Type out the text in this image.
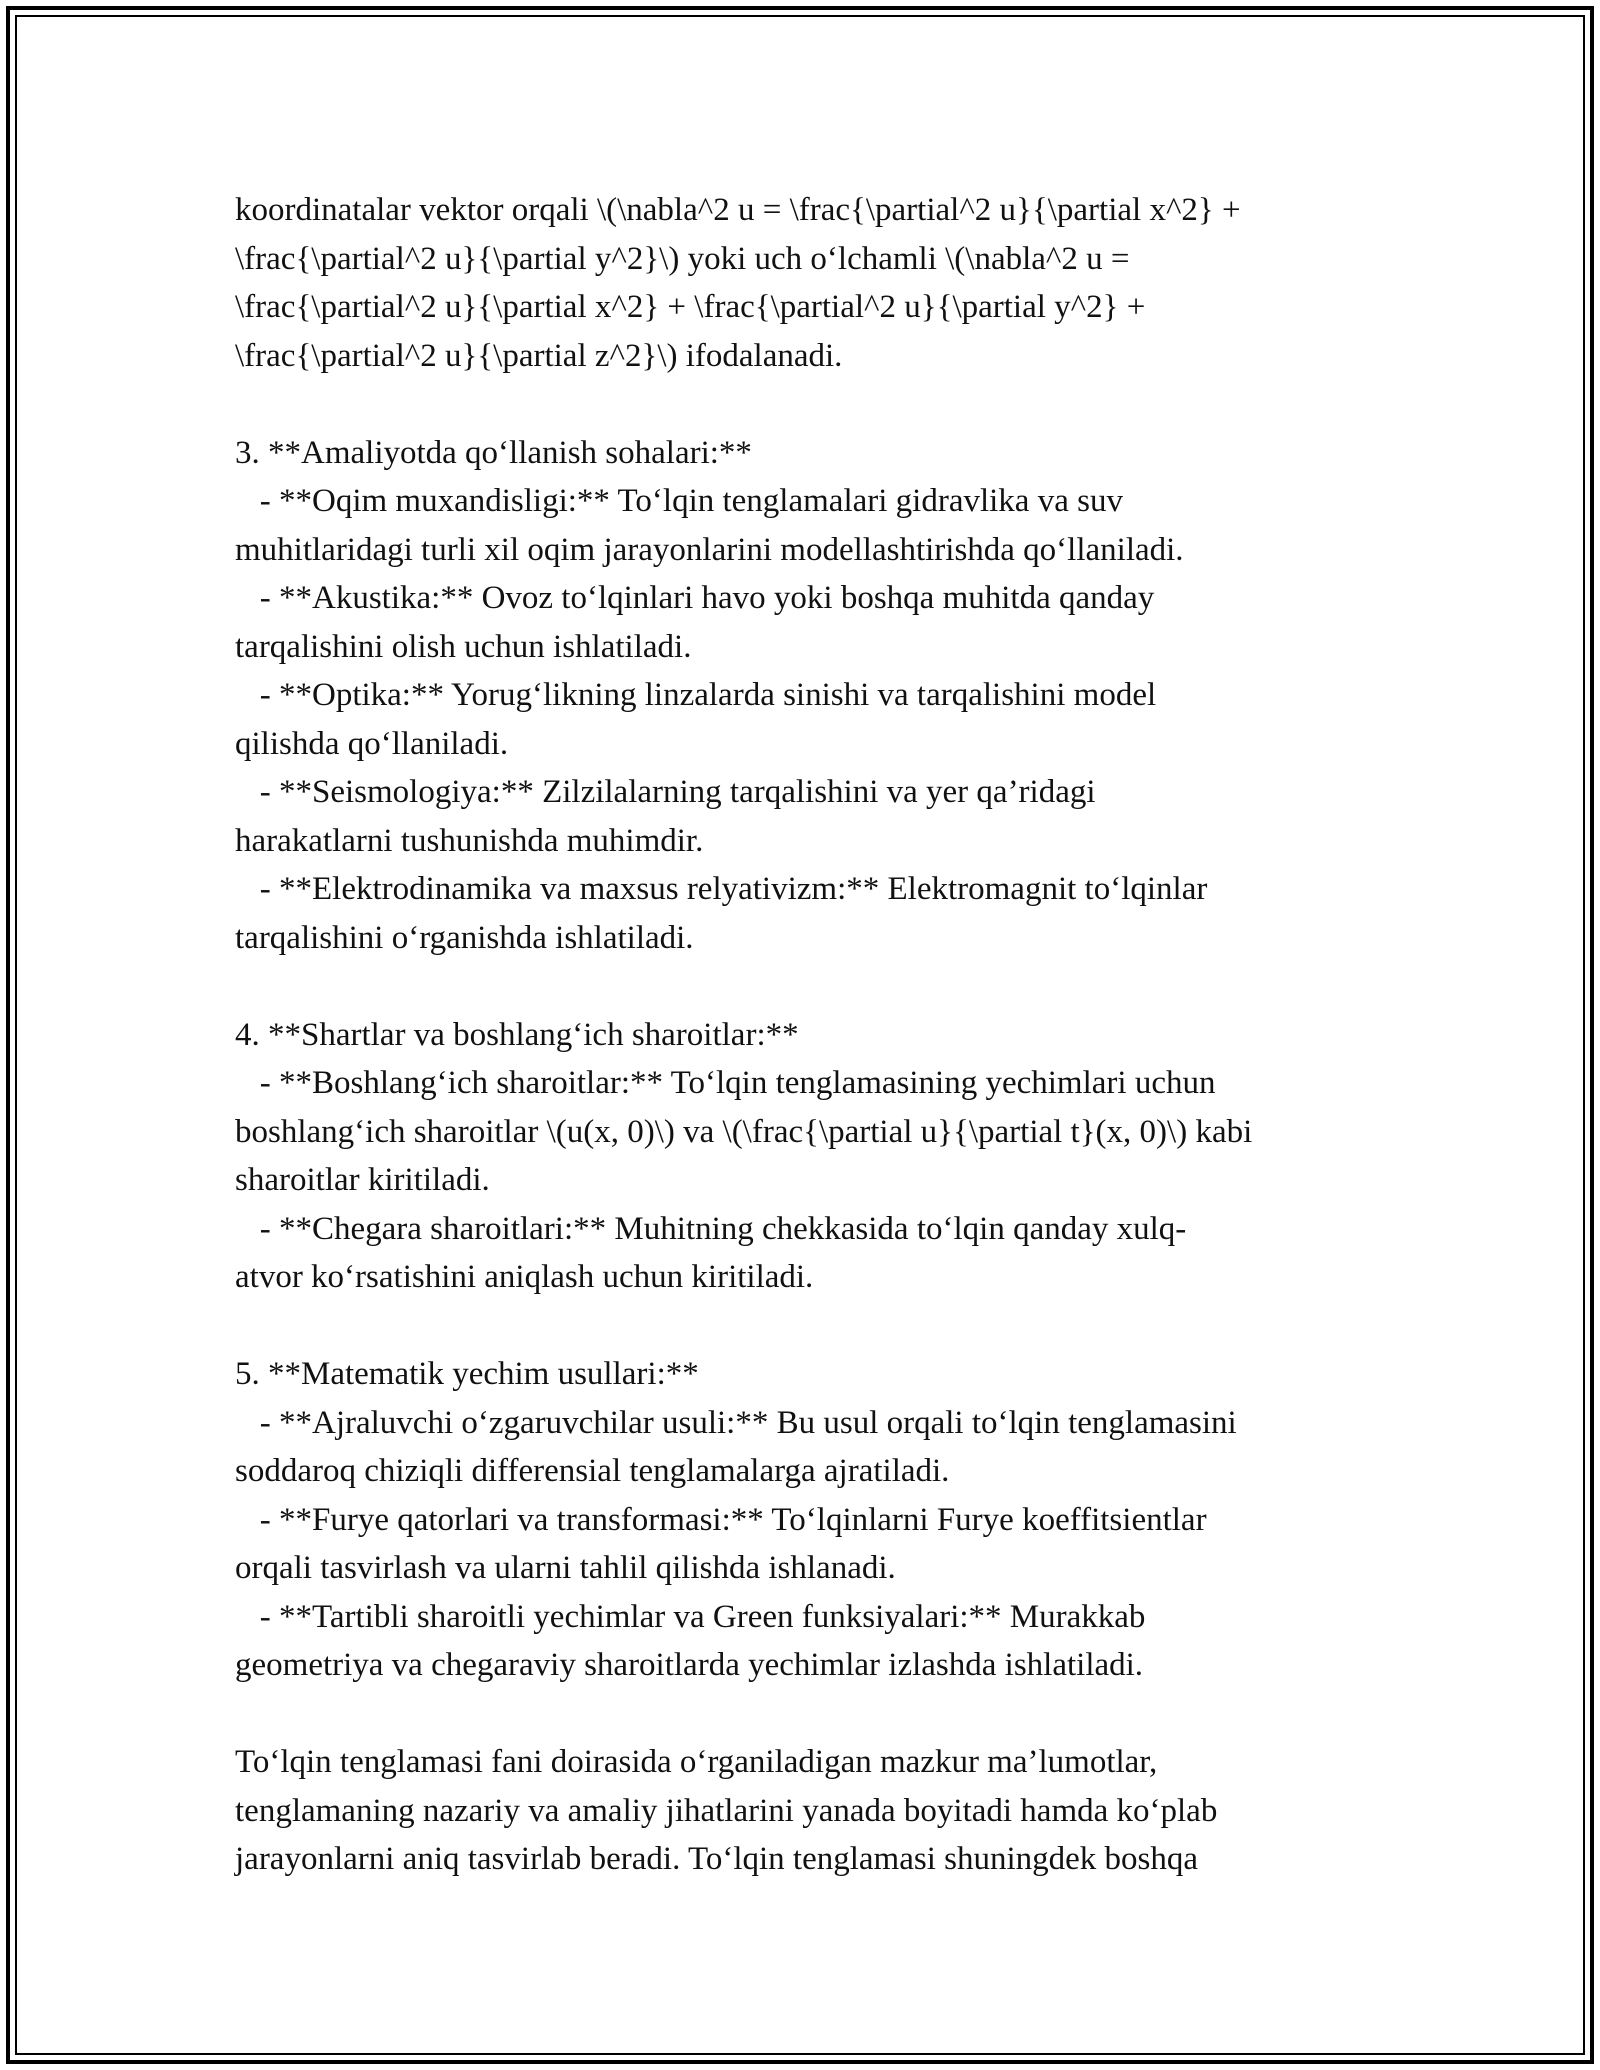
koordinatalar vektor orqali \(\nabla^2 u = \frac{\partial^2 u}{\partial x^2} +
\frac{\partial^2 u}{\partial y^2}\) yoki uch o‘lchamli \(\nabla^2 u =
\frac{\partial^2 u}{\partial x^2} + \frac{\partial^2 u}{\partial y^2} +
\frac{\partial^2 u}{\partial z^2}\) ifodalanadi.
3. **Amaliyotda qo‘llanish sohalari:**
- **Oqim muxandisligi:** To‘lqin tenglamalari gidravlika va suv
muhitlaridagi turli xil oqim jarayonlarini modellashtirishda qo‘llaniladi.
- **Akustika:** Ovoz to‘lqinlari havo yoki boshqa muhitda qanday
tarqalishini olish uchun ishlatiladi.
- **Optika:** Yorug‘likning linzalarda sinishi va tarqalishini model
qilishda qo‘llaniladi.
- **Seismologiya:** Zilzilalarning tarqalishini va yer qa’ridagi
harakatlarni tushunishda muhimdir.
- **Elektrodinamika va maxsus relyativizm:** Elektromagnit to‘lqinlar
tarqalishini o‘rganishda ishlatiladi.
4. **Shartlar va boshlang‘ich sharoitlar:**
- **Boshlang‘ich sharoitlar:** To‘lqin tenglamasining yechimlari uchun
boshlang‘ich sharoitlar \(u(x, 0)\) va \(\frac{\partial u}{\partial t}(x, 0)\) kabi
sharoitlar kiritiladi.
- **Chegara sharoitlari:** Muhitning chekkasida to‘lqin qanday xulq-
atvor ko‘rsatishini aniqlash uchun kiritiladi.
5. **Matematik yechim usullari:**
- **Ajraluvchi o‘zgaruvchilar usuli:** Bu usul orqali to‘lqin tenglamasini
soddaroq chiziqli differensial tenglamalarga ajratiladi.
- **Furye qatorlari va transformasi:** To‘lqinlarni Furye koeffitsientlar
orqali tasvirlash va ularni tahlil qilishda ishlanadi.
- **Tartibli sharoitli yechimlar va Green funksiyalari:** Murakkab
geometriya va chegaraviy sharoitlarda yechimlar izlashda ishlatiladi.
To‘lqin tenglamasi fani doirasida o‘rganiladigan mazkur ma’lumotlar,
tenglamaning nazariy va amaliy jihatlarini yanada boyitadi hamda ko‘plab
jarayonlarni aniq tasvirlab beradi. To‘lqin tenglamasi shuningdek boshqa
